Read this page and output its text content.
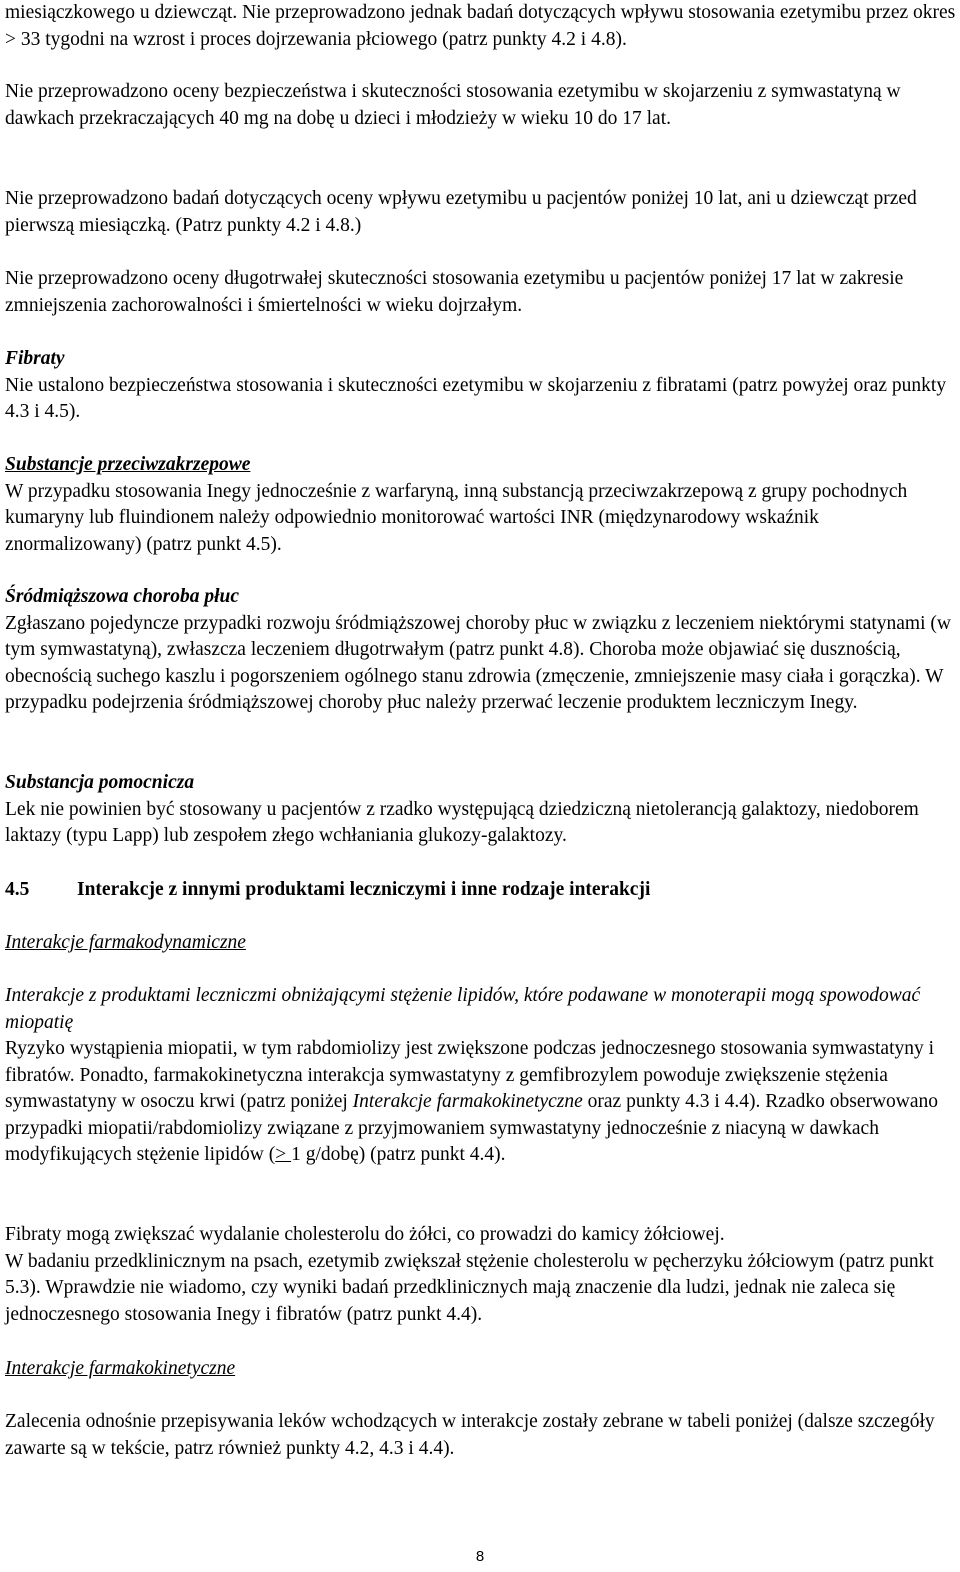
miesiączkowego u dziewcząt. Nie przeprowadzono jednak badań dotyczących wpływu stosowania ezetymibu przez okres > 33 tygodni na wzrost i proces dojrzewania płciowego (patrz punkty 4.2 i 4.8).

Nie przeprowadzono oceny bezpieczeństwa i skuteczności stosowania ezetymibu w skojarzeniu z symwastatyną w dawkach przekraczających 40 mg na dobę u dzieci i młodzieży w wieku 10 do 17 lat.

Nie przeprowadzono badań dotyczących oceny wpływu ezetymibu u pacjentów poniżej 10 lat, ani u dziewcząt przed pierwszą miesiączką. (Patrz punkty 4.2 i 4.8.)

Nie przeprowadzono oceny długotrwałej skuteczności stosowania ezetymibu u pacjentów poniżej 17 lat w zakresie zmniejszenia zachorowalności i śmiertelności w wieku dojrzałym.

Fibraty

Nie ustalono bezpieczeństwa stosowania i skuteczności ezetymibu w skojarzeniu z fibratami (patrz powyżej oraz punkty 4.3 i 4.5).

Substancje przeciwzakrzepowe

W przypadku stosowania Inegy jednocześnie z warfaryną, inną substancją przeciwzakrzepową z grupy pochodnych kumaryny lub fluindionem należy odpowiednio monitorować wartości INR (międzynarodowy wskaźnik znormalizowany) (patrz punkt 4.5).

Śródmiąższowa choroba płuc

Zgłaszano pojedyncze przypadki rozwoju śródmiąższowej choroby płuc w związku z leczeniem niektórymi statynami (w tym symwastatyną), zwłaszcza leczeniem długotrwałym (patrz punkt 4.8). Choroba może objawiać się dusznością, obecnością suchego kaszlu i pogorszeniem ogólnego stanu zdrowia (zmęczenie, zmniejszenie masy ciała i gorączka). W przypadku podejrzenia śródmiąższowej choroby płuc należy przerwać leczenie produktem leczniczym Inegy.

Substancja pomocnicza

Lek nie powinien być stosowany u pacjentów z rzadko występującą dziedziczną nietolerancją galaktozy, niedoborem laktazy (typu Lapp) lub zespołem złego wchłaniania glukozy-galaktozy.

4.5 Interakcje z innymi produktami leczniczymi i inne rodzaje interakcji

Interakcje farmakodynamiczne

Interakcje z produktami leczniczmi obniżającymi stężenie lipidów, które podawane w monoterapii mogą spowodować miopatię

Ryzyko wystąpienia miopatii, w tym rabdomiolizy jest zwiększone podczas jednoczesnego stosowania symwastatyny i fibratów. Ponadto, farmakokinetyczna interakcja symwastatyny z gemfibrozylem powoduje zwiększenie stężenia symwastatyny w osoczu krwi (patrz poniżej Interakcje farmakokinetyczne oraz punkty 4.3 i 4.4). Rzadko obserwowano przypadki miopatii/rabdomiolizy związane z przyjmowaniem symwastatyny jednocześnie z niacyną w dawkach modyfikujących stężenie lipidów (> 1 g/dobę) (patrz punkt 4.4).

Fibraty mogą zwiększać wydalanie cholesterolu do żółci, co prowadzi do kamicy żółciowej.

W badaniu przedklinicznym na psach, ezetymib zwiększał stężenie cholesterolu w pęcherzyku żółciowym (patrz punkt 5.3). Wprawdzie nie wiadomo, czy wyniki badań przedklinicznych mają znaczenie dla ludzi, jednak nie zaleca się jednoczesnego stosowania Inegy i fibratów (patrz punkt 4.4).

Interakcje farmakokinetyczne

Zalecenia odnośnie przepisywania leków wchodzących w interakcje zostały zebrane w tabeli poniżej (dalsze szczegóły zawarte są w tekście, patrz również punkty 4.2, 4.3 i 4.4).

8
